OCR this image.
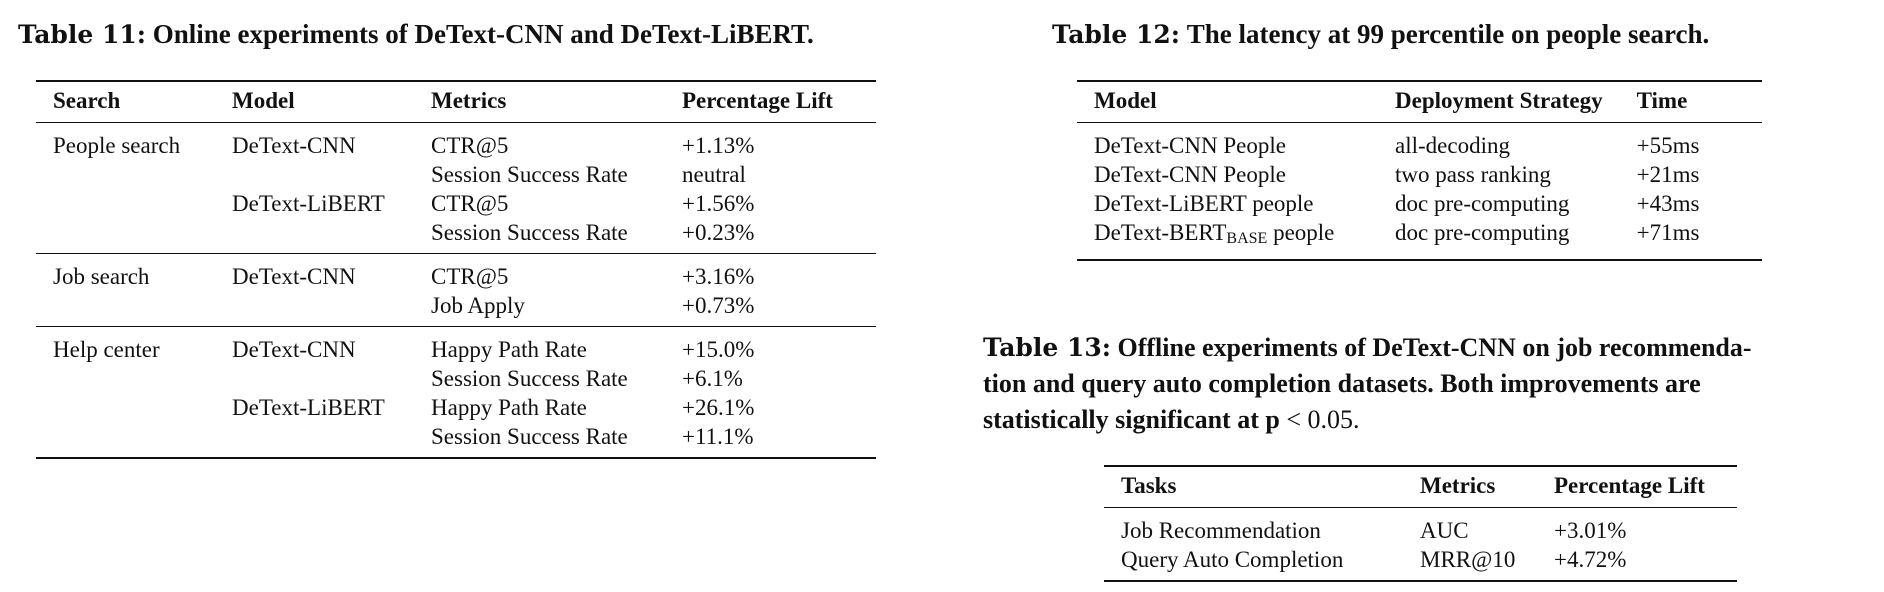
Table 11: Online experiments of DeText-CNN and DeText-LiBERT.
Search	Model	Metrics	Percentage Lift
People search	DeText-CNN	CTR@5	+1.13%
		Session Success Rate	neutral
	DeText-LiBERT	CTR@5	+1.56%
		Session Success Rate	+0.23%
Job search	DeText-CNN	CTR@5	+3.16%
		Job Apply	+0.73%
Help center	DeText-CNN	Happy Path Rate	+15.0%
		Session Success Rate	+6.1%
	DeText-LiBERT	Happy Path Rate	+26.1%
		Session Success Rate	+11.1%
Table 12: The latency at 99 percentile on people search.
Model	Deployment Strategy	Time
DeText-CNN People	all-decoding	+55ms
DeText-CNN People	two pass ranking	+21ms
DeText-LiBERT people	doc pre-computing	+43ms
DeText-$BERT_{BASE}$ people	doc pre-computing	+71ms
Table 13: Offline experiments of DeText-CNN on job recommenda-
tion and query auto completion datasets. Both improvements are
statistically significant at p < 0.05.
Tasks	Metrics	Percentage Lift
Job Recommendation	AUC	+3.01%
Query Auto Completion	MRR@10	+4.72%
